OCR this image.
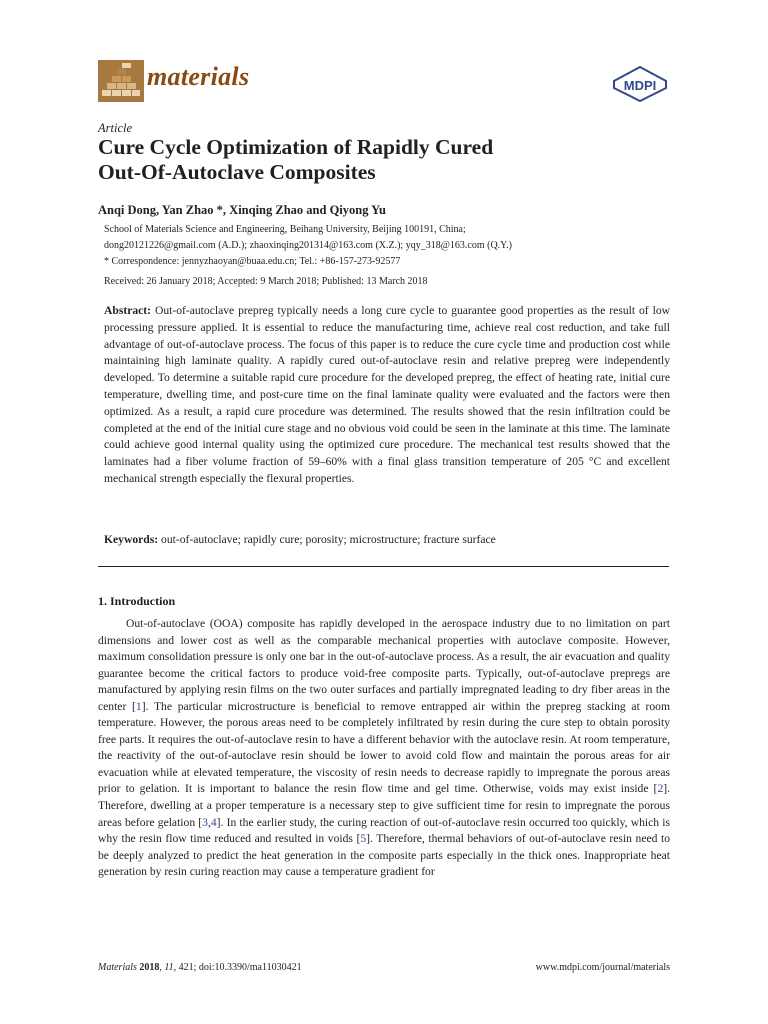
materials	MDPI
Article
Cure Cycle Optimization of Rapidly Cured
Out-Of-Autoclave Composites
Anqi Dong, Yan Zhao *, Xinqing Zhao and Qiyong Yu
School of Materials Science and Engineering, Beihang University, Beijing 100191, China;
dong20121226@gmail.com (A.D.); zhaoxinqing201314@163.com (X.Z.); yqy_318@163.com (Q.Y.)
* Correspondence: jennyzhaoyan@buaa.edu.cn; Tel.: +86-157-273-92577
Received: 26 January 2018; Accepted: 9 March 2018; Published: 13 March 2018
Abstract: Out-of-autoclave prepreg typically needs a long cure cycle to guarantee good properties as the result of low processing pressure applied. It is essential to reduce the manufacturing time, achieve real cost reduction, and take full advantage of out-of-autoclave process. The focus of this paper is to reduce the cure cycle time and production cost while maintaining high laminate quality. A rapidly cured out-of-autoclave resin and relative prepreg were independently developed. To determine a suitable rapid cure procedure for the developed prepreg, the effect of heating rate, initial cure temperature, dwelling time, and post-cure time on the final laminate quality were evaluated and the factors were then optimized. As a result, a rapid cure procedure was determined. The results showed that the resin infiltration could be completed at the end of the initial cure stage and no obvious void could be seen in the laminate at this time. The laminate could achieve good internal quality using the optimized cure procedure. The mechanical test results showed that the laminates had a fiber volume fraction of 59–60% with a final glass transition temperature of 205 °C and excellent mechanical strength especially the flexural properties.
Keywords: out-of-autoclave; rapidly cure; porosity; microstructure; fracture surface
1. Introduction
Out-of-autoclave (OOA) composite has rapidly developed in the aerospace industry due to no limitation on part dimensions and lower cost as well as the comparable mechanical properties with autoclave composite. However, maximum consolidation pressure is only one bar in the out-of-autoclave process. As a result, the air evacuation and quality guarantee become the critical factors to produce void-free composite parts. Typically, out-of-autoclave prepregs are manufactured by applying resin films on the two outer surfaces and partially impregnated leading to dry fiber areas in the center [1]. The particular microstructure is beneficial to remove entrapped air within the prepreg stacking at room temperature. However, the porous areas need to be completely infiltrated by resin during the cure step to obtain porosity free parts. It requires the out-of-autoclave resin to have a different behavior with the autoclave resin. At room temperature, the reactivity of the out-of-autoclave resin should be lower to avoid cold flow and maintain the porous areas for air evacuation while at elevated temperature, the viscosity of resin needs to decrease rapidly to impregnate the porous areas prior to gelation. It is important to balance the resin flow time and gel time. Otherwise, voids may exist inside [2]. Therefore, dwelling at a proper temperature is a necessary step to give sufficient time for resin to impregnate the porous areas before gelation [3,4]. In the earlier study, the curing reaction of out-of-autoclave resin occurred too quickly, which is why the resin flow time reduced and resulted in voids [5]. Therefore, thermal behaviors of out-of-autoclave resin need to be deeply analyzed to predict the heat generation in the composite parts especially in the thick ones. Inappropriate heat generation by resin curing reaction may cause a temperature gradient for
Materials 2018, 11, 421; doi:10.3390/ma11030421	www.mdpi.com/journal/materials
